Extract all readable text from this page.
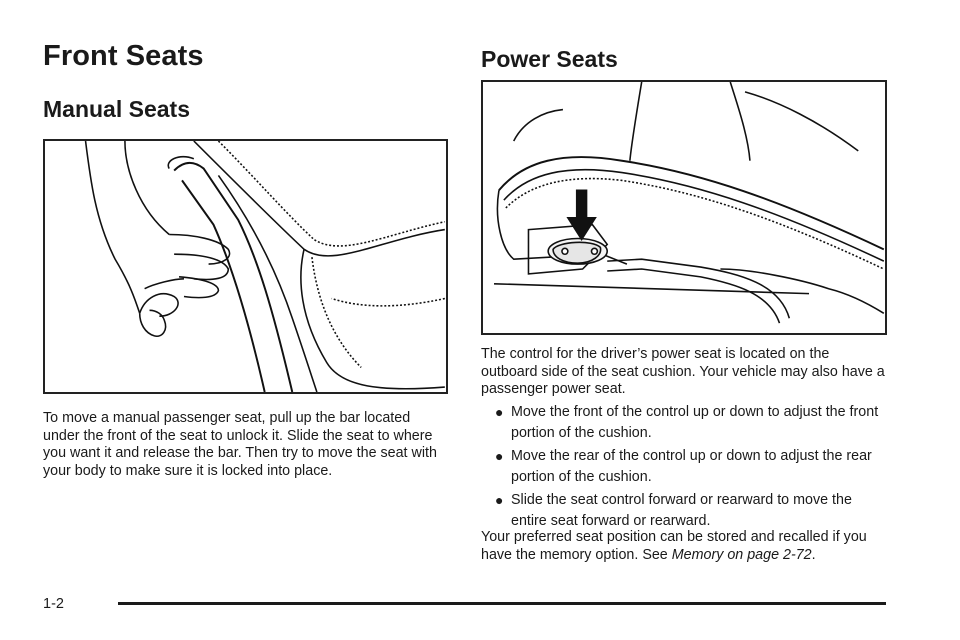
Front Seats
Manual Seats

To move a manual passenger seat, pull up the bar located under the front of the seat to unlock it. Slide the seat to where you want it and release the bar. Then try to move the seat with your body to make sure it is locked into place.

Power Seats

The control for the driver’s power seat is located on the outboard side of the seat cushion. Your vehicle may also have a passenger power seat.

● Move the front of the control up or down to adjust the front portion of the cushion.
● Move the rear of the control up or down to adjust the rear portion of the cushion.
● Slide the seat control forward or rearward to move the entire seat forward or rearward.

Your preferred seat position can be stored and recalled if you have the memory option. See Memory on page 2-72.

1-2
